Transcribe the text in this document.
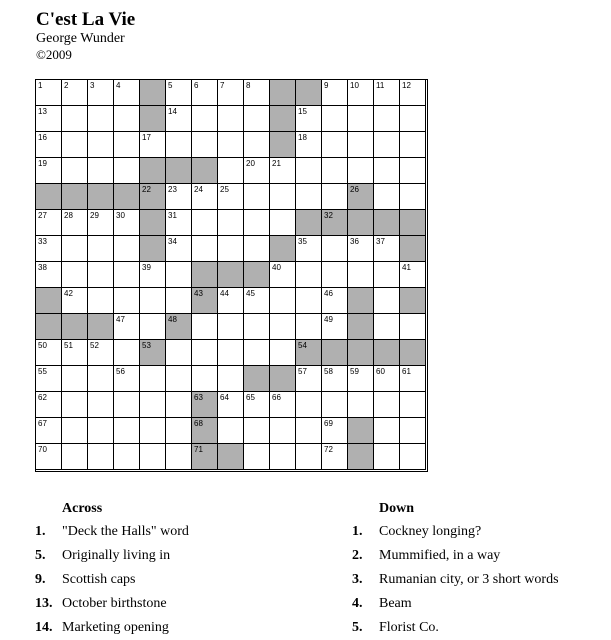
C'est La Vie
George Wunder
©2009
1	2	3	4	5	6	7	8	9	10 11 12
13	14	15
16	17	18
19	20 21
22 23 24 25	26
27 28 29 30	31	32
33	34	35	36 37
38	39	40	41
42	43 44 45	46
47	48	49
50 51 52	53	54
55	56	57 58 59 60 61
62	63 64 65 66
67	68	69
70	71	72
Across
1. "Deck the Halls" word
5. Originally living in
9. Scottish caps
13. October birthstone
14. Marketing opening
Down
1. Cockney longing?
2. Mummified, in a way
3. Rumanian city, or 3 short words
4. Beam
5. Florist Co.
